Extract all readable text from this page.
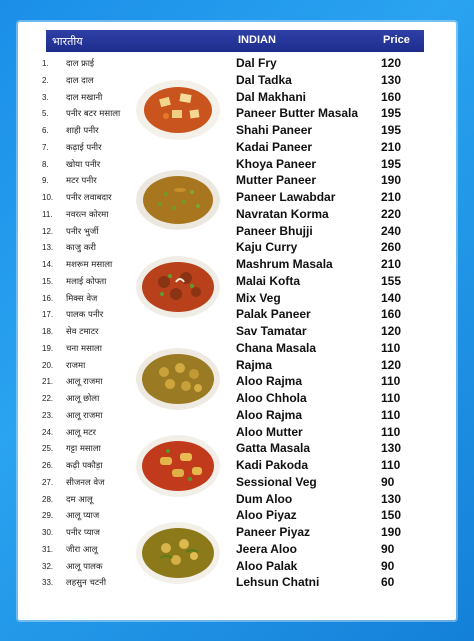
भारतीय	INDIAN	Price
1.	दाल फ्राई	Dal Fry	120
2.	दाल दाल	Dal Tadka	130
3.	दाल मखानी	Dal Makhani	160
5.	पनीर बटर मसाला	Paneer Butter Masala 195
6.	शाही पनीर	Shahi Paneer	195
7.	कढ़ाई पनीर	Kadai Paneer	210
8.	खोया पनीर	Khoya Paneer	195
9.	मटर पनीर	Mutter Paneer	190
10.	पनीर लवाबदार	Paneer Lawabdar	210
11.	नवरत्न कोरमा	Navratan Korma	220
12.	पनीर भुर्जी	Paneer Bhujji	240
13.	काजु करी	Kaju Curry	260
14.	मशरूम मसाला	Mashrum Masala	210
15.	मलाई कोफ्ता	Malai Kofta	155
16.	मिक्स वेज	Mix Veg	140
17.	पालक पनीर	Palak Paneer	160
18.	सेव टमाटर	Sav Tamatar	120
19.	चना मसाला	Chana Masala	110
20.	राजमा	Rajma	120
21.	आलू राजमा	Aloo Rajma	110
22.	आलू छोला	Aloo Chhola	110
23.	आलू राजमा	Aloo Rajma	110
24.	आलू मटर	Aloo Mutter	110
25.	गट्टा मसाला	Gatta Masala	130
26.	कढ़ी पकौड़ा	Kadi Pakoda	110
27.	सीजनल वेज	Sessional Veg	90
28.	दम आलू	Dum Aloo	130
29.	आलू प्याज	Aloo Piyaz	150
30.	पनीर प्याज	Paneer Piyaz	190
31.	जीरा आलू	Jeera Aloo	90
32.	आलू पालक	Aloo Palak	90
33.	लहसुन चटनी	Lehsun Chatni	60
